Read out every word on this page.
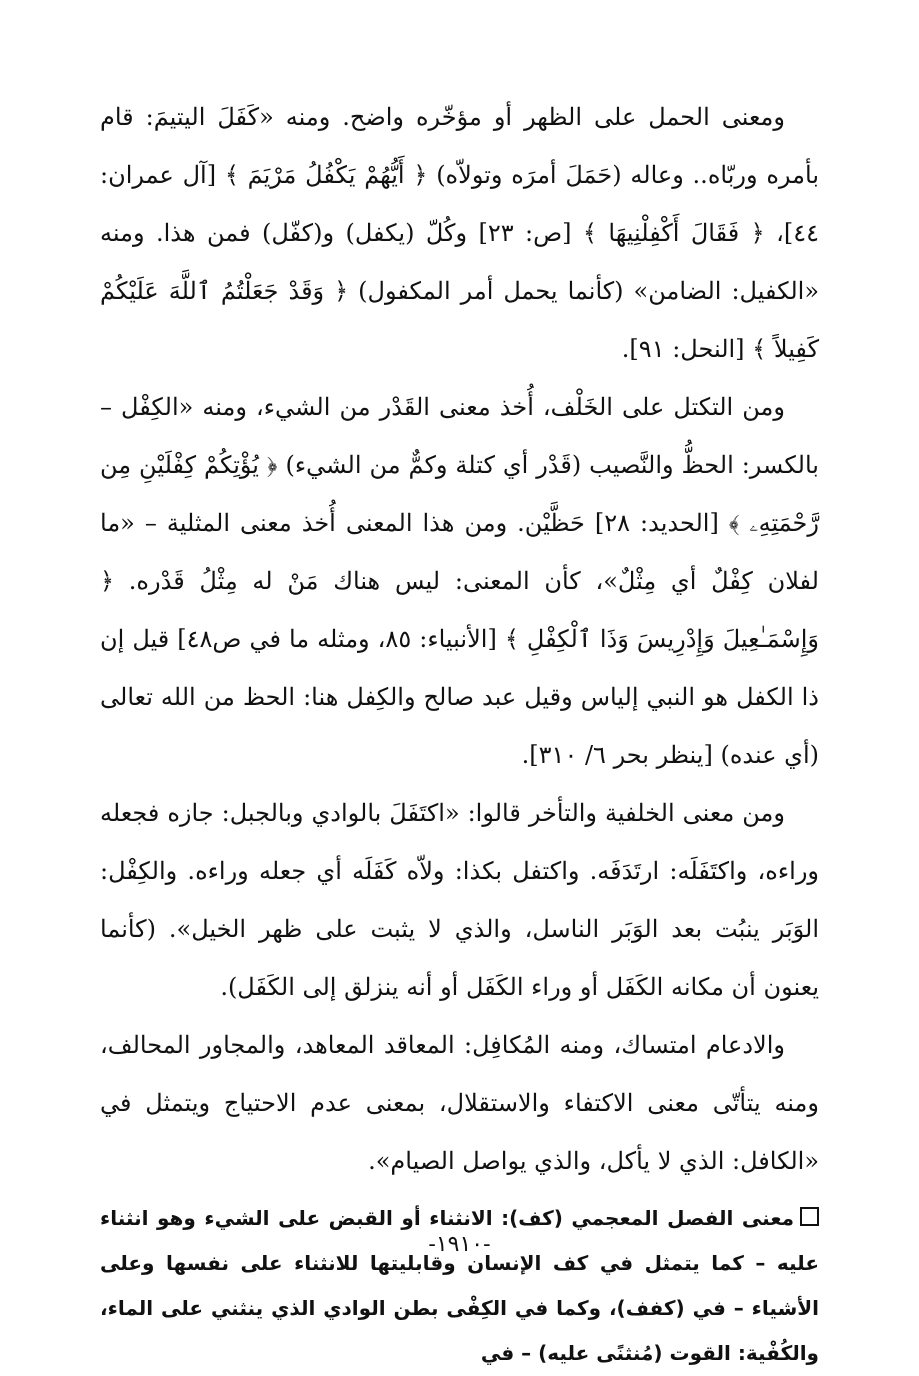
ومعنى الحمل على الظهر أو مؤخّره واضح. ومنه «كَفَلَ اليتيمَ: قام بأمره وربّاه.. وعاله (حَمَلَ أمرَه وتولاّه) ﴿ أَيُّهُمْ يَكْفُلُ مَرْيَمَ ﴾ [آل عمران: ٤٤]، ﴿ فَقَالَ أَكْفِلْنِيهَا ﴾ [ص: ٢٣] وكُلّ (يكفل) و(كفّل) فمن هذا. ومنه «الكفيل: الضامن» (كأنما يحمل أمر المكفول) ﴿ وَقَدْ جَعَلْتُمُ ٱللَّهَ عَلَيْكُمْ كَفِيلاً ﴾ [النحل: ٩١].

ومن التكتل على الخَلْف، أُخذ معنى القَدْر من الشيء، ومنه «الكِفْل – بالكسر: الحظُّ والنَّصيب (قَدْر أي كتلة وكمٌّ من الشيء) ﴿ يُؤْتِكُمْ كِفْلَيْنِ مِن رَّحْمَتِهِۦ ﴾ [الحديد: ٢٨] حَظَّيْن. ومن هذا المعنى أُخذ معنى المثلية – «ما لفلان كِفْلٌ أي مِثْلٌ»، كأن المعنى: ليس هناك مَنْ له مِثْلُ قَدْره. ﴿ وَإِسْمَـٰعِيلَ وَإِدْرِيسَ وَذَا ٱلْكِفْلِ ﴾ [الأنبياء: ٨٥، ومثله ما في ص٤٨] قيل إن ذا الكفل هو النبي إلياس وقيل عبد صالح والكِفل هنا: الحظ من الله تعالى (أي عنده) [ينظر بحر ٦/ ٣١٠].

ومن معنى الخلفية والتأخر قالوا: «اكتَفَلَ بالوادي وبالجبل: جازه فجعله وراءه، واكتَفَلَه: ارتَدَفَه. واكتفل بكذا: ولاّه كَفَلَه أي جعله وراءه. والكِفْل: الوَبَر ينبُت بعد الوَبَر الناسل، والذي لا يثبت على ظهر الخيل». (كأنما يعنون أن مكانه الكَفَل أو وراء الكَفَل أو أنه ينزلق إلى الكَفَل).

والادعام امتساك، ومنه المُكافِل: المعاقد المعاهد، والمجاور المحالف، ومنه يتأتّى معنى الاكتفاء والاستقلال، بمعنى عدم الاحتياج ويتمثل في «الكافل: الذي لا يأكل، والذي يواصل الصيام».

معنى الفصل المعجمي (كف): الانثناء أو القبض على الشيء وهو انثناء عليه – كما يتمثل في كف الإنسان وقابليتها للانثناء على نفسها وعلى الأشياء – في (كفف)، وكما في الكِفْى بطن الوادي الذي ينثني على الماء، والكُفْية: القوت (مُنثنًى عليه) – في
-١٩١٠-
